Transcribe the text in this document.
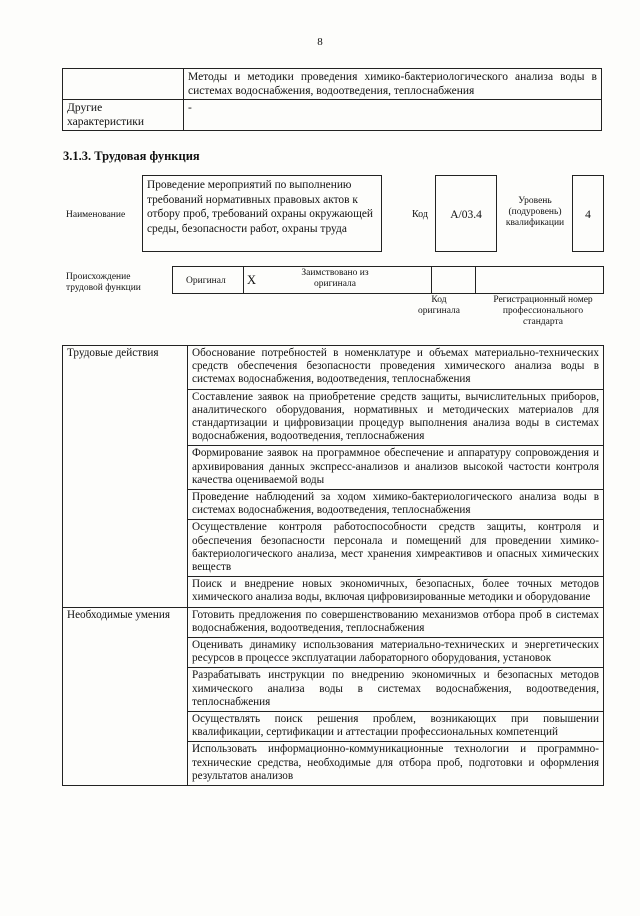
8
	Методы и методики проведения химико-бактериологического анализа воды в системах водоснабжения, водоотведения, теплоснабжения
Другие характеристики	-
3.1.3. Трудовая функция
Наименование
Проведение мероприятий по выполнению требований нормативных правовых актов к отбору проб, требований охраны окружающей среды, безопасности работ, охраны труда
Код	A/03.4
Уровень (подуровень) квалификации
4
Происхождение трудовой функции
Оригинал X	Заимствовано из оригинала
Код оригинала
Регистрационный номер профессионального стандарта
Трудовые действия	Обоснование потребностей в номенклатуре и объемах материально-технических средств обеспечения безопасности проведения химического анализа воды в системах водоснабжения, водоотведения, теплоснабжения
	Составление заявок на приобретение средств защиты, вычислительных приборов, аналитического оборудования, нормативных и методических материалов для стандартизации и цифровизации процедур выполнения анализа воды в системах водоснабжения, водоотведения, теплоснабжения
	Формирование заявок на программное обеспечение и аппаратуру сопровождения и архивирования данных экспресс-анализов и анализов высокой частости контроля качества оцениваемой воды
	Проведение наблюдений за ходом химико-бактериологического анализа воды в системах водоснабжения, водоотведения, теплоснабжения
	Осуществление контроля работоспособности средств защиты, контроля и обеспечения безопасности персонала и помещений для проведении химико-бактериологического анализа, мест хранения химреактивов и опасных химических веществ
	Поиск и внедрение новых экономичных, безопасных, более точных методов химического анализа воды, включая цифровизированные методики и оборудование
Необходимые умения	Готовить предложения по совершенствованию механизмов отбора проб в системах водоснабжения, водоотведения, теплоснабжения
	Оценивать динамику использования материально-технических и энергетических ресурсов в процессе эксплуатации лабораторного оборудования, установок
	Разрабатывать инструкции по внедрению экономичных и безопасных методов химического анализа воды в системах водоснабжения, водоотведения, теплоснабжения
	Осуществлять поиск решения проблем, возникающих при повышении квалификации, сертификации и аттестации профессиональных компетенций
	Использовать информационно-коммуникационные технологии и программно-технические средства, необходимые для отбора проб, подготовки и оформления результатов анализов
